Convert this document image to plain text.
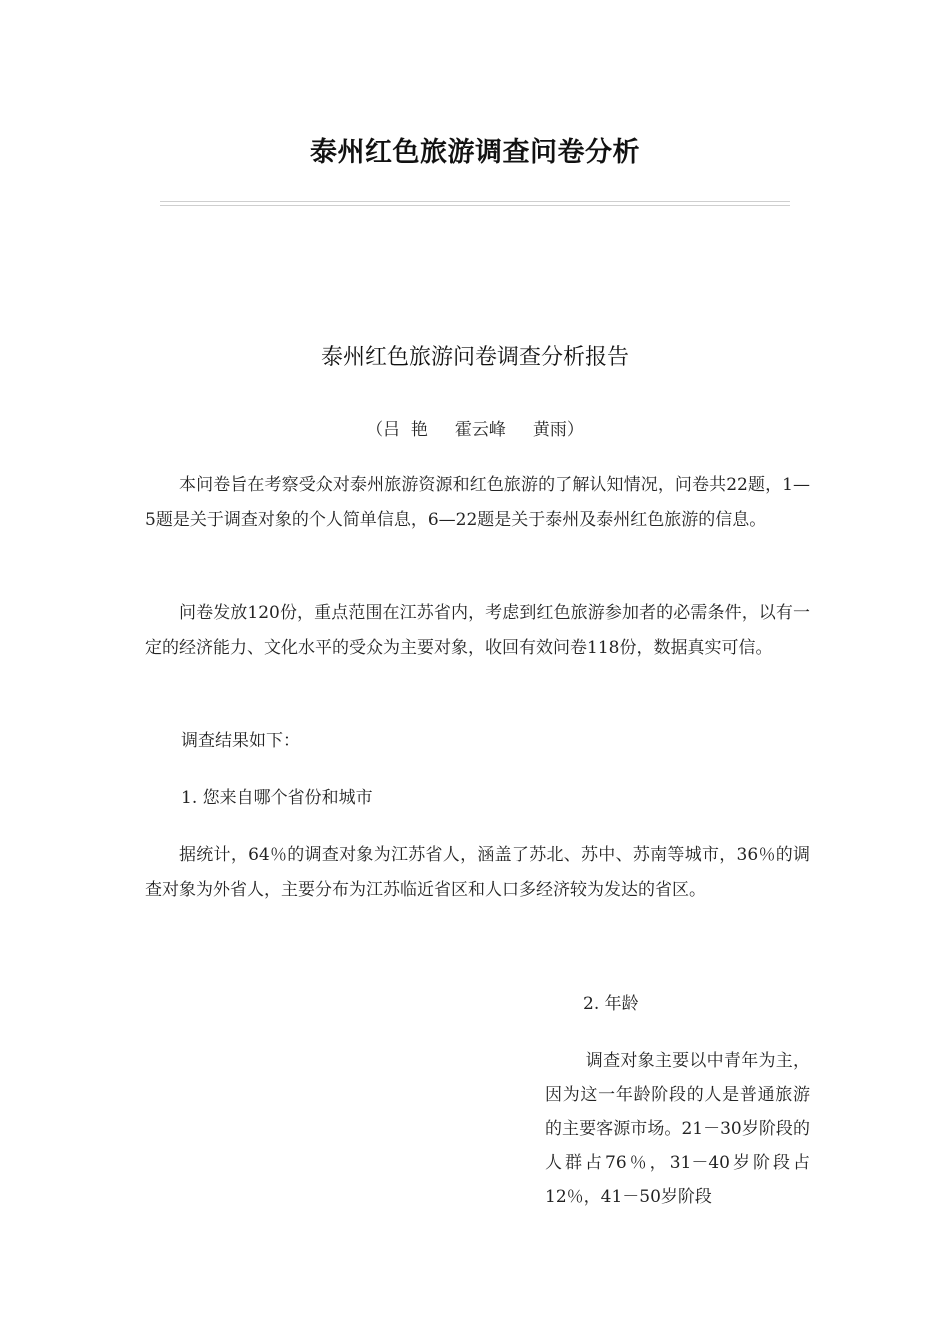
泰州红色旅游调查问卷分析
泰州红色旅游问卷调查分析报告
（吕  艳     霍云峰     黄雨）

本问卷旨在考察受众对泰州旅游资源和红色旅游的了解认知情况，问卷共22题，1—5题是关于调查对象的个人简单信息，6—22题是关于泰州及泰州红色旅游的信息。

问卷发放120份，重点范围在江苏省内，考虑到红色旅游参加者的必需条件，以有一定的经济能力、文化水平的受众为主要对象，收回有效问卷118份，数据真实可信。

调查结果如下：
1. 您来自哪个省份和城市

据统计，64％的调查对象为江苏省人，涵盖了苏北、苏中、苏南等城市，36％的调查对象为外省人，主要分布为江苏临近省区和人口多经济较为发达的省区。

2. 年龄

调查对象主要以中青年为主，因为这一年龄阶段的人是普通旅游的主要客源市场。21－30岁阶段的人群占76％，31－40岁阶段占12％，41－50岁阶段
